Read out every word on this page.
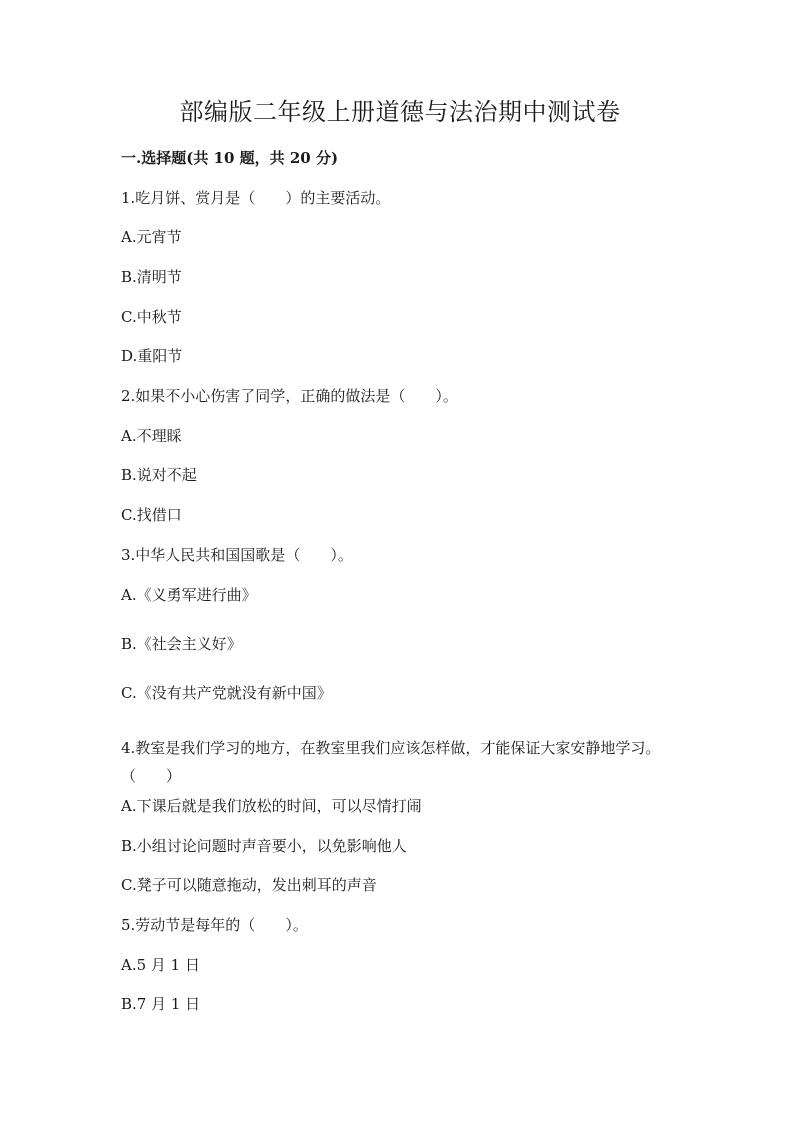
部编版二年级上册道德与法治期中测试卷
一.选择题(共 10 题，共 20 分)
1.吃月饼、赏月是（　　）的主要活动。
A.元宵节
B.清明节
C.中秋节
D.重阳节
2.如果不小心伤害了同学，正确的做法是（　　）。
A.不理睬
B.说对不起
C.找借口
3.中华人民共和国国歌是（　　）。
A.《义勇军进行曲》
B.《社会主义好》
C.《没有共产党就没有新中国》
4.教室是我们学习的地方，在教室里我们应该怎样做，才能保证大家安静地学习。（　　）
A.下课后就是我们放松的时间，可以尽情打闹
B.小组讨论问题时声音要小，以免影响他人
C.凳子可以随意拖动，发出刺耳的声音
5.劳动节是每年的（　　）。
A.5 月 1 日
B.7 月 1 日
